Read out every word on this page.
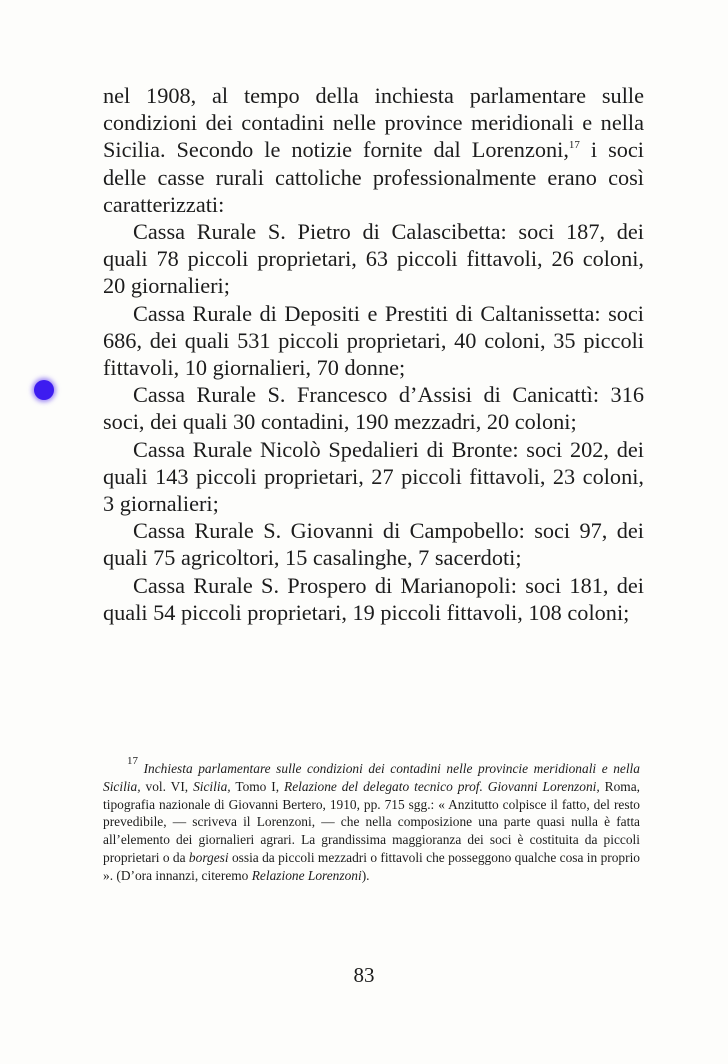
nel 1908, al tempo della inchiesta parlamentare sulle condizioni dei contadini nelle province meridionali e nella Sicilia. Secondo le notizie fornite dal Lorenzoni,$^{17}$ i soci delle casse rurali cattoliche professionalmente erano così caratterizzati:

Cassa Rurale S. Pietro di Calascibetta: soci 187, dei quali 78 piccoli proprietari, 63 piccoli fittavoli, 26 coloni, 20 giornalieri;

Cassa Rurale di Depositi e Prestiti di Caltanissetta: soci 686, dei quali 531 piccoli proprietari, 40 coloni, 35 piccoli fittavoli, 10 giornalieri, 70 donne;

Cassa Rurale S. Francesco d’Assisi di Canicattì: 316 soci, dei quali 30 contadini, 190 mezzadri, 20 coloni;

Cassa Rurale Nicolò Spedalieri di Bronte: soci 202, dei quali 143 piccoli proprietari, 27 piccoli fittavoli, 23 coloni, 3 giornalieri;

Cassa Rurale S. Giovanni di Campobello: soci 97, dei quali 75 agricoltori, 15 casalinghe, 7 sacerdoti;

Cassa Rurale S. Prospero di Marianopoli: soci 181, dei quali 54 piccoli proprietari, 19 piccoli fittavoli, 108 coloni;

$^{17}$ Inchiesta parlamentare sulle condizioni dei contadini nelle provincie meridionali e nella Sicilia, vol. VI, Sicilia, Tomo I, Relazione del delegato tecnico prof. Giovanni Lorenzoni, Roma, tipografia nazionale di Giovanni Bertero, 1910, pp. 715 sgg.: « Anzitutto colpisce il fatto, del resto prevedibile, — scriveva il Lorenzoni, — che nella composizione una parte quasi nulla è fatta all’elemento dei giornalieri agrari. La grandissima maggioranza dei soci è costituita da piccoli proprietari o da borgesi ossia da piccoli mezzadri o fittavoli che posseggono qualche cosa in proprio ». (D’ora innanzi, citeremo Relazione Lorenzoni).

83
